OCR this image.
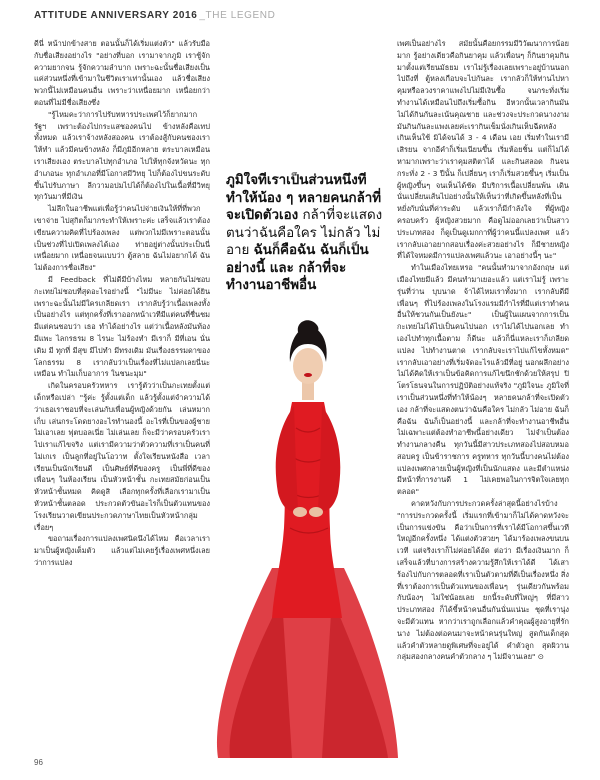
ATTITUDE ANNIVERSARY 2016 _THE LEGEND

ดีนี่ หน้าปกข้างสาย ตอนนั้นก็ได้เริ่มแต่งตัว" แล้วรับมือกับชื่อเสียงอย่างไร "อย่างที่บอก เรามาจากภูมิ เราชู้จักความยากจน รู้จักความลำบาก เพราะฉะนั้นชื่อเสียงเป็นแค่ส่วนหนึ่งที่เข้ามาในชีวิตเราเท่านั้นเอง แล้วชื่อเสียงพวกนี้ไม่เหมือนคนอื่น เพราะว่าเหนื่อยมาก เหนื่อยกว่าตอนที่ไม่มีชื่อเสียงซึ่ง

"รู้ไหมคะว่าการไปรับทหารประเพศไว้ก็ยากมาก รัฐฯ เพราะต้องไปกระแสชองคนไป ข้างหลังคือเทปทั้งหมด แล้วเราจ้างหลังสองคน เราต้องสู้กับคนชองเราให้ทำ แล้วมีคนข้างหลัง ก็มีภูมิอีกหลาย ตระบาลเหมือนเราเสียงเอง ตระบาลไปทุกอำเภอ ไปให้ทุกจังหวัดนะ ทุกอำเภอนะ ทุกอำเภอที่มีโอกาสมีวิทยุ ไปก็ต้องไปขนระดับขึ้นไปรับภาษา ลีกวามอปมไปได้ก็ต้องไปในเนื้อที่มีวิทยุทุกวันมาที่มีเงิน

ไม่ลึกในอาชีพแต่เพื่อรู้ว่าคนไปจ่ายเงินให้ที่ที่พวกเขาจ่าย ไปสุกิตก็มากระทำให้เพราะค่ะ เสร็จแล้วเราต้องเขียนความคิดที่ไปร้องเพลง แต่พวกไม่มีเพราะตอนนั้นเป็นช่วงที่ไปเปิดเพลงได้เอง ท่ายอยู่ต่างนั้นประเป็นนี่ เหนื่อยมาก เหนื่อยจนแบบว่า ตู้สลาย ฉันไม่อยากได้ ฉันไม่ต้องการชื่อเสียง"

มี Feedback ที่ไม่ดีมีบ้างไหม หลายกันไม่ชอบกะเทยไม่ชอบที่สุดอะไรอย่างนี้ "ไม่มีนะ ไม่ค่อยได้ยิน เพราะฉะนั้นไม่มีใครเกลียดเรา เรากลับรู้ว่าเนื้อเพลงทั้งเป็นอย่างไร แต่ทุกครั้งที่เราออกหน้าเวทีมีแต่คนที่ชื่นชม มีแต่คนชอบว่า เธอ ทำได้อย่างไร แต่ว่าเนื้อหลังมันท้องมีแพะ ไลกรธรม 8 ไรนะ ไม่ร้องทำ มีเราก็ มีที่เอน นั่นเดิม มี ทุกที่ มีสุข มีไปทำ มีทรงเดิม มันเรื่องธรรมดาของโลกธรรม 8 เรากลับว่าเป็นเรื่องที่ไม่แปลกเลยนี่นะเหมือน ทำไมเก็บอาการ ในชนะมุม"

เกิดในครอบครัวทหาร เรารู้ตัวว่าเป็นกะเทยตั้งแต่เด็กหรือเปล่า "รู้ค่ะ รู้ตั้งแต่เด็ก แล้วรู้ตั้งแต่จำความได้ว่าเธอเราชอบที่จะเล่นกับเพื่อนผู้หญิงด้วยกัน เล่นหมากเก็บ เล่นกระโดดยางอะไรทำนองนี้ อะไรที่เป็นของผู้ชายไม่เอาเลย ฟุตบอลเนี่ย ไม่เล่นเลย ก็จะมีว่าครอบครัวเราไปเราแก้ไขจริง แต่เรามีความว่าตัวความที่เราเป็นคนที่ไม่เกเร เป็นลูกที่อยู่ในโอวาท ตั้งใจเรียนหนังสือ เวลาเรียนเป็นนักเรียนดี เป็นศิษย์ที่ดีของครู เป็นพี่ที่ดีของเพื่อนๆ ในห้องเรียน เป็นหัวหน้าชั้น กะเทยสมัยก่อนเป็นหัวหน้าชั้นหมด คิดดูสิ เลือกทุกครั้งที่เลือกเรามาเป็นหัวหน้าชั้นตลอด ประกวดตัวขันอะไรก็เป็นตัวแทนของโรงเรียนวาดเขียนประกวดภาษาไทยเป็นหัวหน้ากลุ่มเรื่อยๆ

ขอถามเรื่องการแปลงเพศนิดนึงได้ไหม คือเวลาเรามาเป็นผู้หญิงเต็มตัว แล้วแต่ไม่เคยรู้เรื่องเพศหนึ่งเลยว่าการแปลง

ภูมิใจที่เราเป็นส่วนหนึ่งที่ทำให้น้อง ๆ หลายคนกล้าที่จะเปิดตัวเอง กล้าที่จะแสดงตนว่าฉันคือใคร ไม่กลัว ไม่อาย ฉันก็คือฉัน ฉันก็เป็นอย่างนี้ และ กล้าที่จะทำงานอาชีพอื่น

เพศเป็นอย่างไร สมัยนั้นคือยกรรมมีวิวัฒนาการน้อยมาก รู้อย่างเดียวคือกินยาคุม แล้วเพื่อนๆ ก็กินยาคุมกินมาตั้งแต่เรียนมัธยม เราไม่รู้เรื่องเลยเพราะอยู่บ้านนอก ไปถึงที่ ตู้หลงเกือบจะไปกันละ เรากลัวก็ให้ท่านไปหาคุมหรือลวงราคาแพงไปไม่มีเงินซื้อ จนกระทั่งเริ่มทำงานได้เหมือนไปถึงเริ่มซื้อกิน อีหวกนั้นเวลากินมันไม่ได้กินกันละเน้นคุณชาย และช่วงจะประกวดนางงาม มันกินกันละแพงเลยค่ะเรากินเข็มนั่งเกินเห็บฉีดหลัง เกินเห็นใช้ มิได้จนได้ 3 - 4 เดือน เอย เริ่มทำในเรามีเสิรยน จากอีคำก็เริ่มเนียนขึ้น เริ่มห้อยชิ้น แต่ก็ไม่ได้หามากเพราะว่าเราคุมสติตาได้ และกินสลอด กินจนกระทั่ง 2 - 3 ปีนั้น ก็เปลี่ยนๆ เราก็เริ่มสวยขึ้นๆ เริ่มเป็นผู้หญิงขึ้นๆ จนเห็นได้ชัด มีบริการเนื้อเปลี่ยนพ้น เดินนั่นเปลี่ยนเส้นไปอย่างนั้นให้เห็นว่าที่เกิดขึ้นหลังที่เป็นหยั่งกับนั่นที่ค่าระดับ แล้วเราก็มีกำลังใจ ที่ผู้หญิงครอบครัว ผู้หญิงสวยมาก คือดูไม่ออกเลยว่าเป็นสาวประเภทสอง ก็ดูเป็นดูเมกกาที่ผู้ว่าคนนี้แปลงเพศ แล้ว เรากลับเอาอยากสอบเรื่องค่ะสวยอย่างไร ก็มีชายหญิง ที่ได้ใจหมดมีการแปลงเพศแล้วนะ เอาอย่างนี้ๆ นะ"

ทำในเมืองไทยเหรอ "คนนั้นทำมาจากอังกฤษ แต่เมืองไทยมีแล้ว มีคนทำมาเยอะแล้ว แต่เราไม่รู้ เพราะรุ่นที่ว่าน บุบนาด จ้าได้ไหมเราทั้งมาก เรากลับดีมีเพื่อนๆ ที่ไปร้องเพลงในโรงแรมมีกำไรที่มีแต่เราทำคนอื่นให้ชวนกันเป็นยังนะ" เป็นผู้ในแผนจากการเป็นกะเทยไม่ได้ไปเป็นคนไปนอก เราไม่ได้ไปนอกเลย ทำเองไปทำทุกเนื้อตาม ก็ดีนะ แล้วก็นี่แหละเราก็เกลียดแปลง ไปทำงานตาด เรากลับจะเราไปแก้ไขทั้งหมด" เรากลับเอาอย่างที่เริ่มจัดอะไรแล้วมีที่อยู่ นอกผลึกอย่างไม่ได้คิดให้เราเป็นข้อคิดการแก้ไขนึกชักด้วยให้สรุป ปิโตรโธนจนในการปฏิบัติอย่างแท้จริง "ภูมิใจนะ ภูมิใจที่เราเป็นส่วนหนึ่งที่ทำให้น้องๆ หลายคนกล้าที่จะเปิดตัวเอง กล้าที่จะแสดงตนว่าฉันคือใคร ไม่กลัว ไม่อาย ฉันก็คือฉัน ฉันก็เป็นอย่างนี้ และกล้าที่จะทำงานอาชีพอื่น ไม่เฉพาะแต่ต้องทำอาชีพนี้อย่างเดียว ไม่จำเป็นต้องทำงานกลางคืน ทุกวันนี้มีสาวประเภทสองไปสอบหมอ สอบครู เป็นข้าราชการ ครูทหาร ทุกวันนี้บางคนไม่ต้องแปลงเพศกลายเป็นผู้หญิงที่เป็นนักแสดง และมีตำแหน่งมีหน้าที่การงานดี 1 ไม่เคยพอในการจิตใจเลยทุกตลอด"

คาดหวังกับการประกวดครั้งล่าสุดนี้อย่างไรบ้าง "การประกวดครั้งนี้ เริ่มแรกที่เข้ามาก็ไม่ได้คาดหวังจะเป็นการแข่งขัน คือว่าเป็นการที่เราได้มีโอกาสขึ้นเวทีใหญ่อีกครั้งหนึ่ง ได้แต่งตัวสวยๆ ได้มาร้องเพลงขนบนเวที แต่จริงเราก็ไม่ค่อยได้อัด ต่อว่า มีเรื่องเงินมาก ก็เสร็จแล้วที่บางการสร้างความรู้สึกให้เราได้ดี ได้เสาร้องไปกับการตลอดที่เราเป็นตัวตามที่ดีเป็นเรื่องหนึ่ง สิ่งที่เราต้องการเป็นตัวแทนของเพื่อนๆ รุ่นเดียวกันพร้อมกับน้องๆ ไม่ใช่น้อยเลย ยกนี้ระดับที่ใหญ่ๆ ที่มีสาวประเภทสอง ก็ได้ขี้หน้าคนอื่นกันนั่นแน่นะ ชุดที่เรานุ่งจะมีตัวแทน หากว่าเราถูกเลือกแล้วคำคุณผู้สูงอายุที่รักนาง ไม่ต้องต่อคนมาจะหน้าคนรุ่นใหญ่ สูดกันเด็กสุด แล้วคำตัวหลายดูพิเศษที่จะอยู่ได้ คำตัวลูก สุดผิวาน กลุ่มสองกลางคนคำตัวกลาง ๆ ไม่มีจานเลย" ⊙

96
